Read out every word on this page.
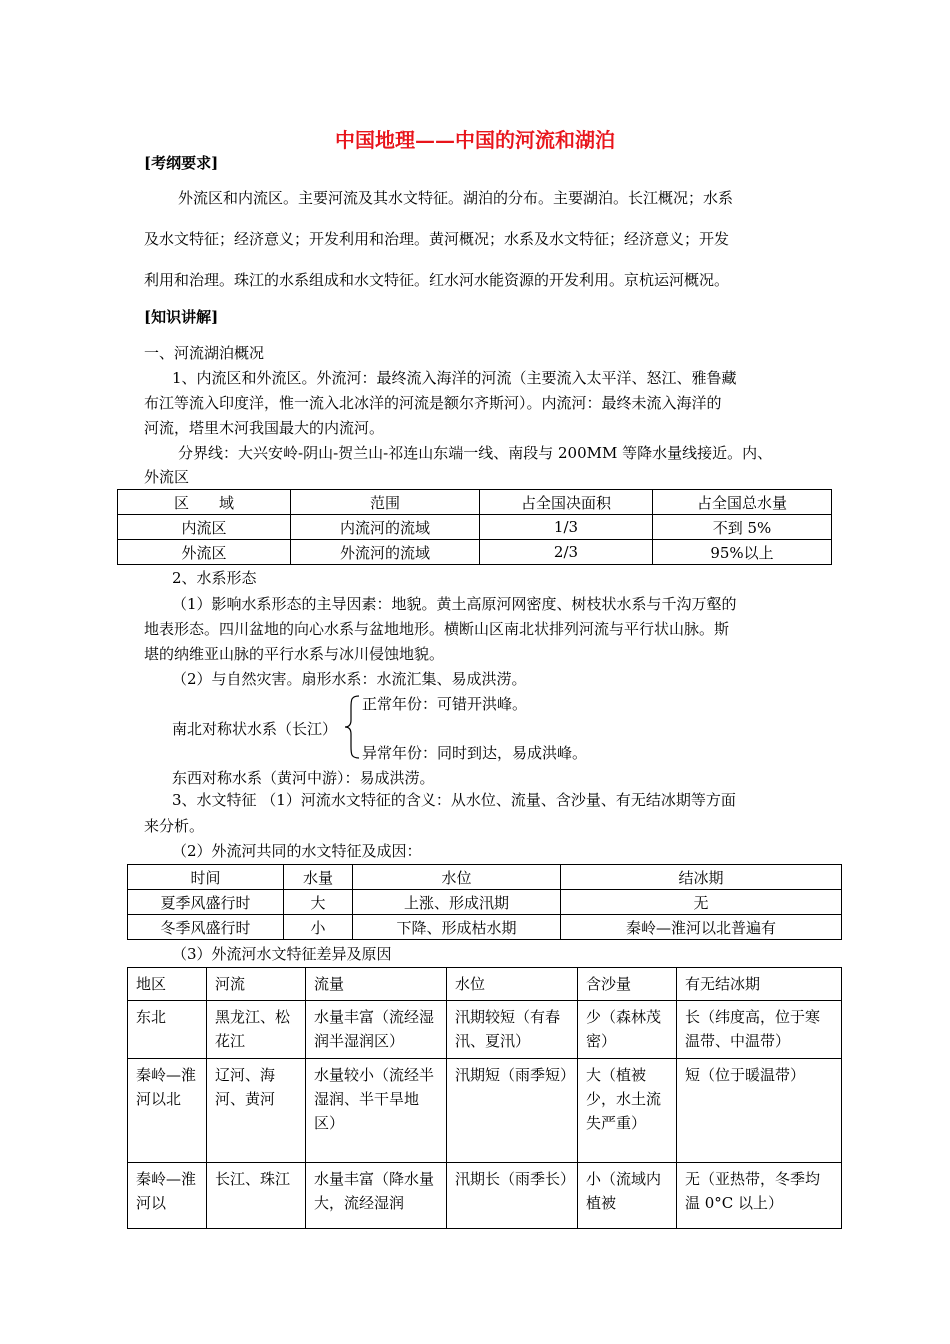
中国地理——中国的河流和湖泊
[考纲要求]
外流区和内流区。主要河流及其水文特征。湖泊的分布。主要湖泊。长江概况；水系
及水文特征；经济意义；开发利用和治理。黄河概况；水系及水文特征；经济意义；开发
利用和治理。珠江的水系组成和水文特征。红水河水能资源的开发利用。京杭运河概况。
[知识讲解]
一、河流湖泊概况
1、内流区和外流区。外流河：最终流入海洋的河流（主要流入太平洋、怒江、雅鲁藏
布江等流入印度洋，惟一流入北冰洋的河流是额尔齐斯河）。内流河：最终未流入海洋的
河流，塔里木河我国最大的内流河。
分界线：大兴安岭-阴山-贺兰山-祁连山东端一线、南段与 200MM 等降水量线接近。内、
外流区
区　　域	范围	占全国决面积	占全国总水量
内流区	内流河的流域	1/3	不到 5%
外流区	外流河的流域	2/3	95%以上
2、水系形态
（1）影响水系形态的主导因素：地貌。黄土高原河网密度、树枝状水系与千沟万壑的
地表形态。四川盆地的向心水系与盆地地形。横断山区南北状排列河流与平行状山脉。斯
堪的纳维亚山脉的平行水系与冰川侵蚀地貌。
（2）与自然灾害。扇形水系：水流汇集、易成洪涝。
南北对称状水系（长江）
正常年份：可错开洪峰。
异常年份：同时到达，易成洪峰。
东西对称水系（黄河中游）：易成洪涝。
3、水文特征 （1）河流水文特征的含义：从水位、流量、含沙量、有无结冰期等方面
来分析。
（2）外流河共同的水文特征及成因：
时间	水量	水位	结冰期
夏季风盛行时	大	上涨、形成汛期	无
冬季风盛行时	小	下降、形成枯水期	秦岭—淮河以北普遍有
（3）外流河水文特征差异及原因
地区	河流	流量	水位	含沙量	有无结冰期
东北	黑龙江、松花江	水量丰富（流经湿润半湿润区）	汛期较短（有春汛、夏汛）	少（森林茂密）	长（纬度高，位于寒温带、中温带）
秦岭—淮河以北	辽河、海河、黄河	水量较小（流经半湿润、半干旱地区）	汛期短（雨季短）	大（植被少，水土流失严重）	短（位于暖温带）
秦岭—淮河以	长江、珠江	水量丰富（降水量大，流经湿润	汛期长（雨季长）	小（流域内植被	无（亚热带，冬季均温 0°C 以上）
